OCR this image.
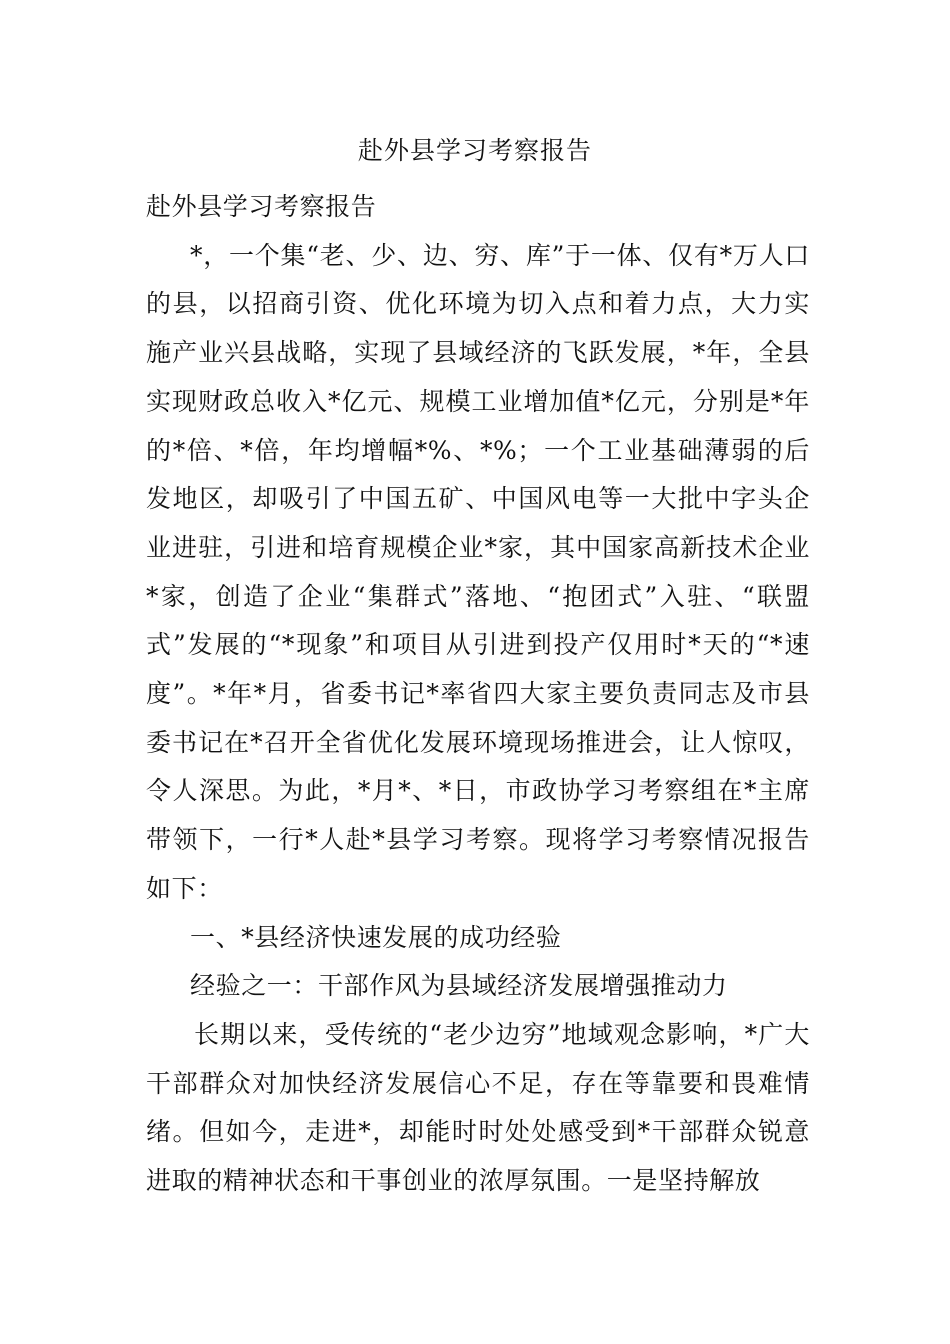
赴外县学习考察报告

赴外县学习考察报告

*，一个集“老、少、边、穷、库”于一体、仅有*万人口的县，以招商引资、优化环境为切入点和着力点，大力实施产业兴县战略，实现了县域经济的飞跃发展，*年，全县实现财政总收入*亿元、规模工业增加值*亿元，分别是*年的*倍、*倍，年均增幅*%、*%；一个工业基础薄弱的后发地区，却吸引了中国五矿、中国风电等一大批中字头企业进驻，引进和培育规模企业*家，其中国家高新技术企业*家，创造了企业“集群式”落地、“抱团式”入驻、“联盟式”发展的“*现象”和项目从引进到投产仅用时*天的“*速度”。*年*月，省委书记*率省四大家主要负责同志及市县委书记在*召开全省优化发展环境现场推进会，让人惊叹，令人深思。为此，*月*、*日，市政协学习考察组在*主席带领下，一行*人赴*县学习考察。现将学习考察情况报告如下：

一、*县经济快速发展的成功经验

经验之一：干部作风为县域经济发展增强推动力

长期以来，受传统的“老少边穷”地域观念影响，*广大干部群众对加快经济发展信心不足，存在等靠要和畏难情绪。但如今，走进*，却能时时处处感受到*干部群众锐意进取的精神状态和干事创业的浓厚氛围。一是坚持解放
